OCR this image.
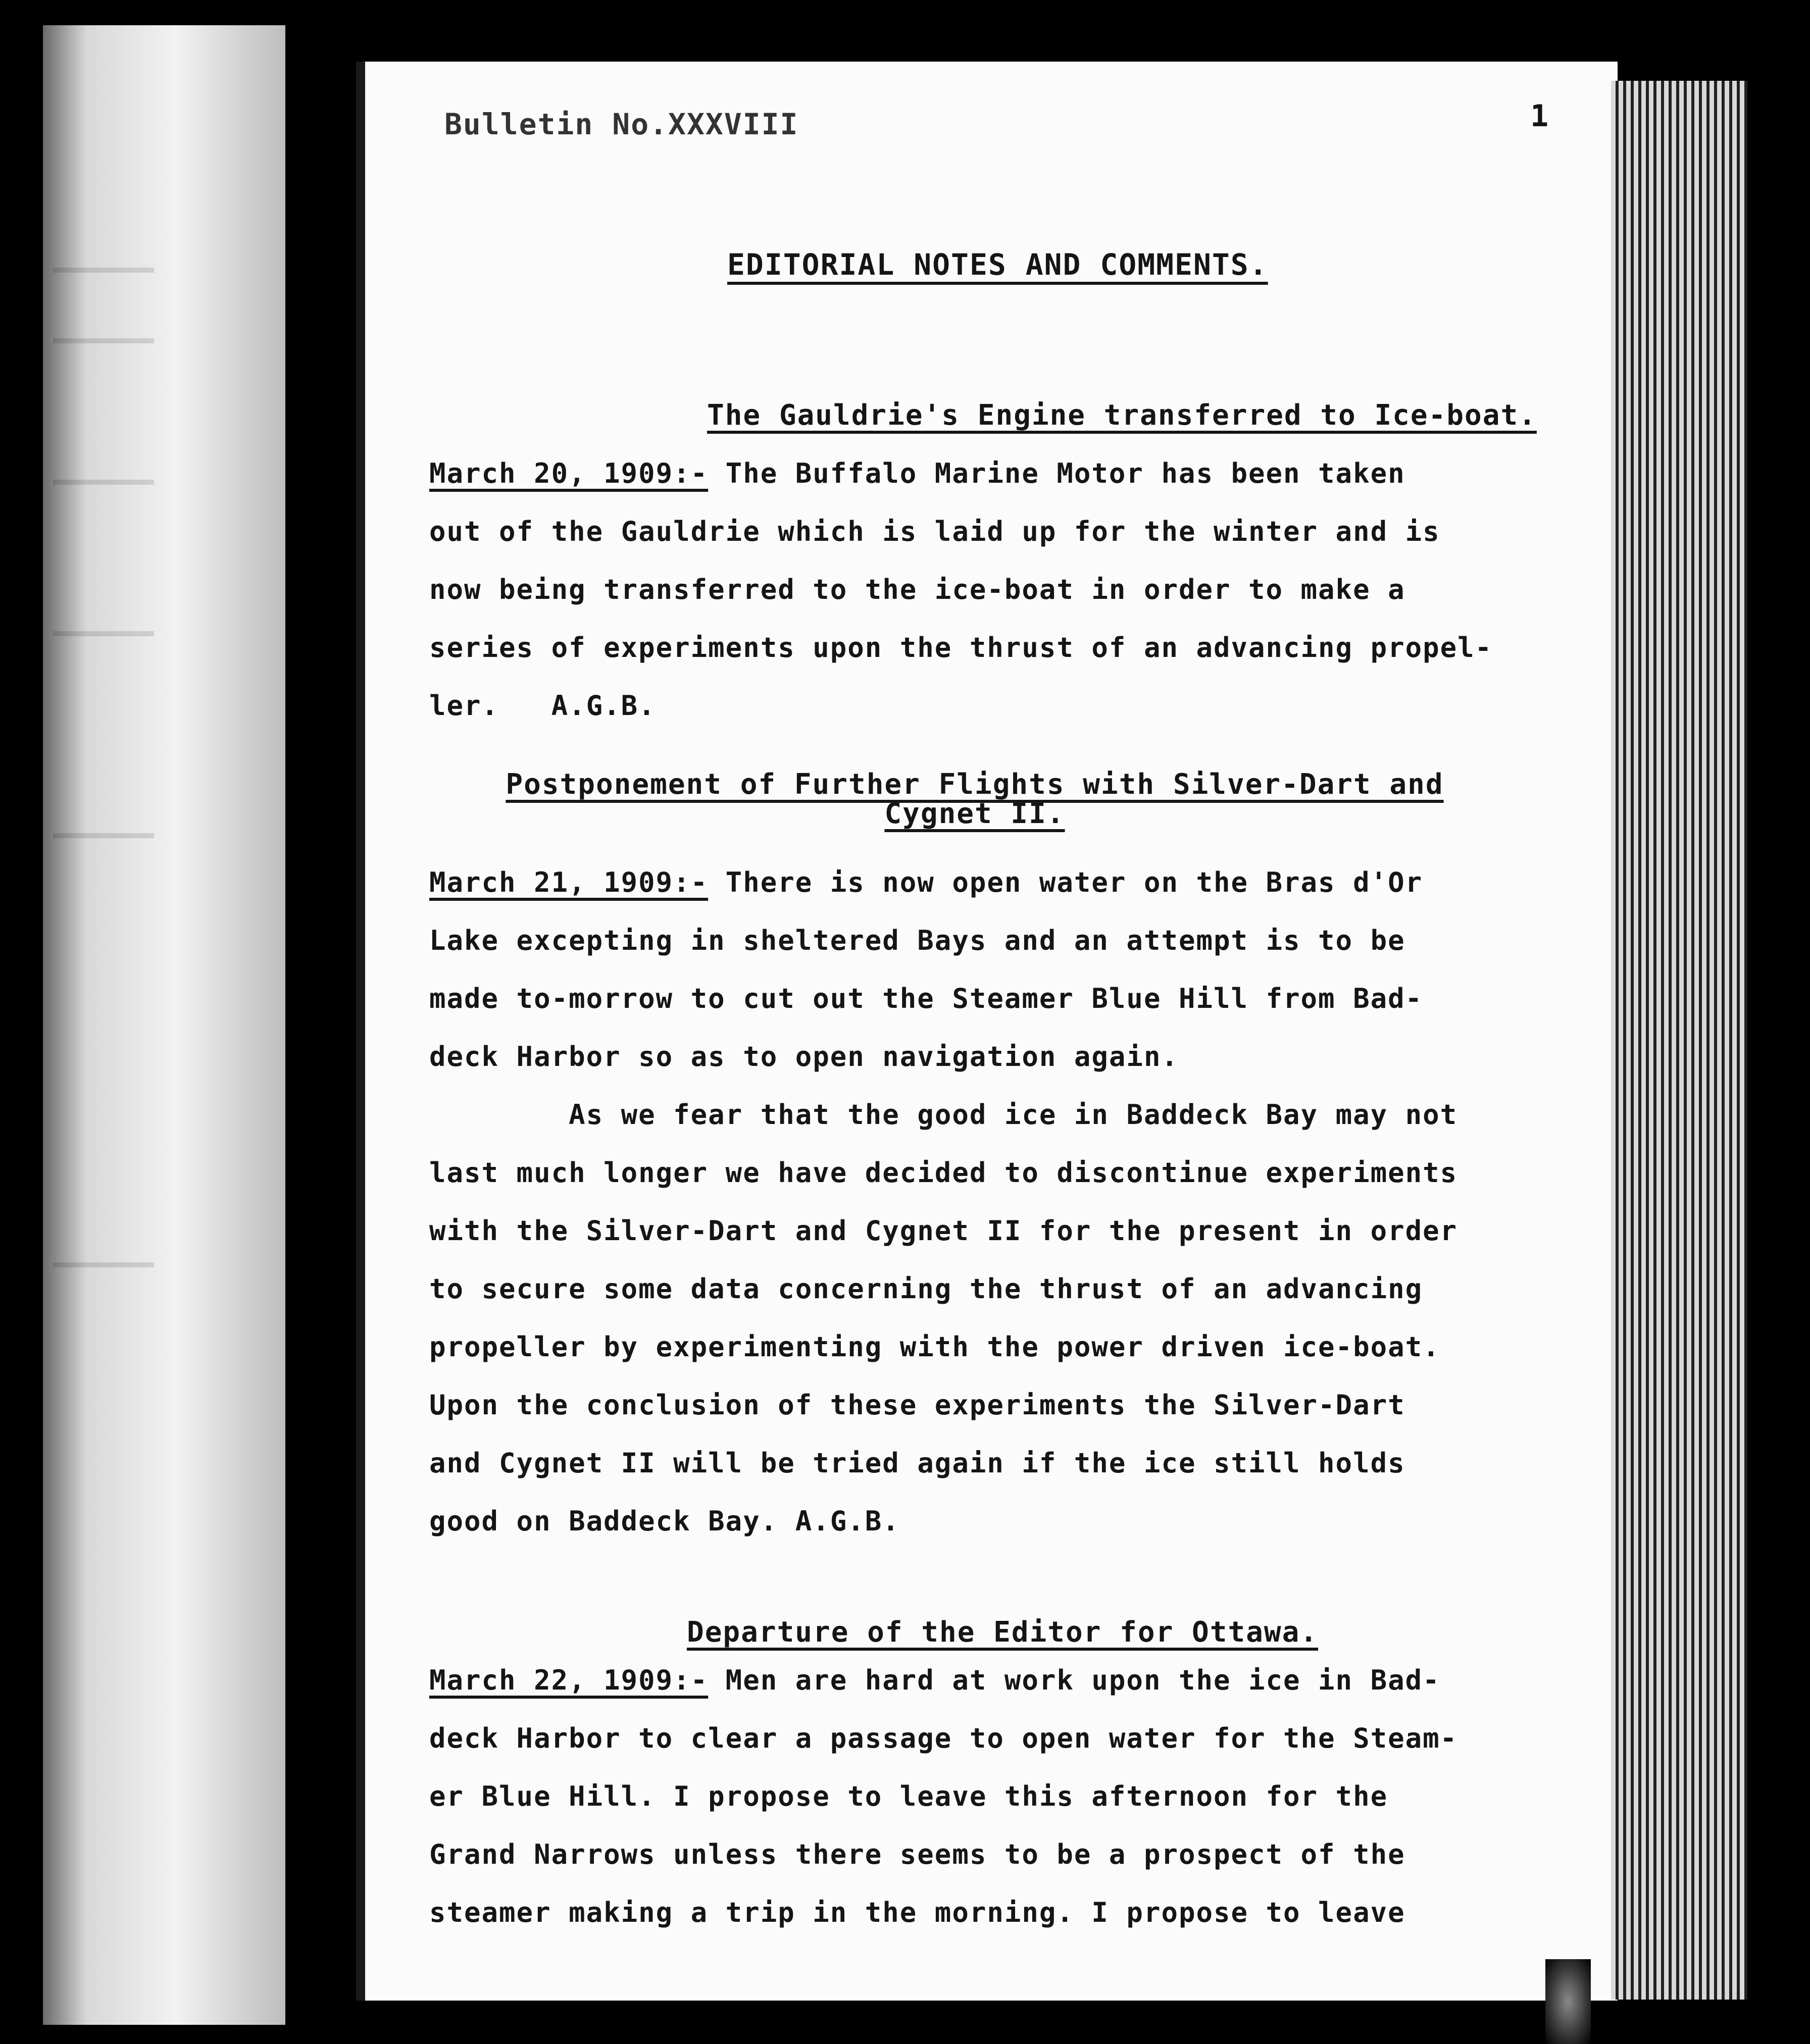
Bulletin No.XXXVIII	1
EDITORIAL NOTES AND COMMENTS.
The Gauldrie's Engine transferred to Ice-boat.
March 20, 1909:- The Buffalo Marine Motor has been taken
out of the Gauldrie which is laid up for the winter and is
now being transferred to the ice-boat in order to make a
series of experiments upon the thrust of an advancing propel-
ler.   A.G.B.
Postponement of Further Flights with Silver-Dart and Cygnet II.
March 21, 1909:- There is now open water on the Bras d'Or
Lake excepting in sheltered Bays and an attempt is to be
made to-morrow to cut out the Steamer Blue Hill from Bad-
deck Harbor so as to open navigation again.
As we fear that the good ice in Baddeck Bay may not
last much longer we have decided to discontinue experiments
with the Silver-Dart and Cygnet II for the present in order
to secure some data concerning the thrust of an advancing
propeller by experimenting with the power driven ice-boat.
Upon the conclusion of these experiments the Silver-Dart
and Cygnet II will be tried again if the ice still holds
good on Baddeck Bay. A.G.B.
Departure of the Editor for Ottawa.
March 22, 1909:- Men are hard at work upon the ice in Bad-
deck Harbor to clear a passage to open water for the Steam-
er Blue Hill. I propose to leave this afternoon for the
Grand Narrows unless there seems to be a prospect of the
steamer making a trip in the morning. I propose to leave
